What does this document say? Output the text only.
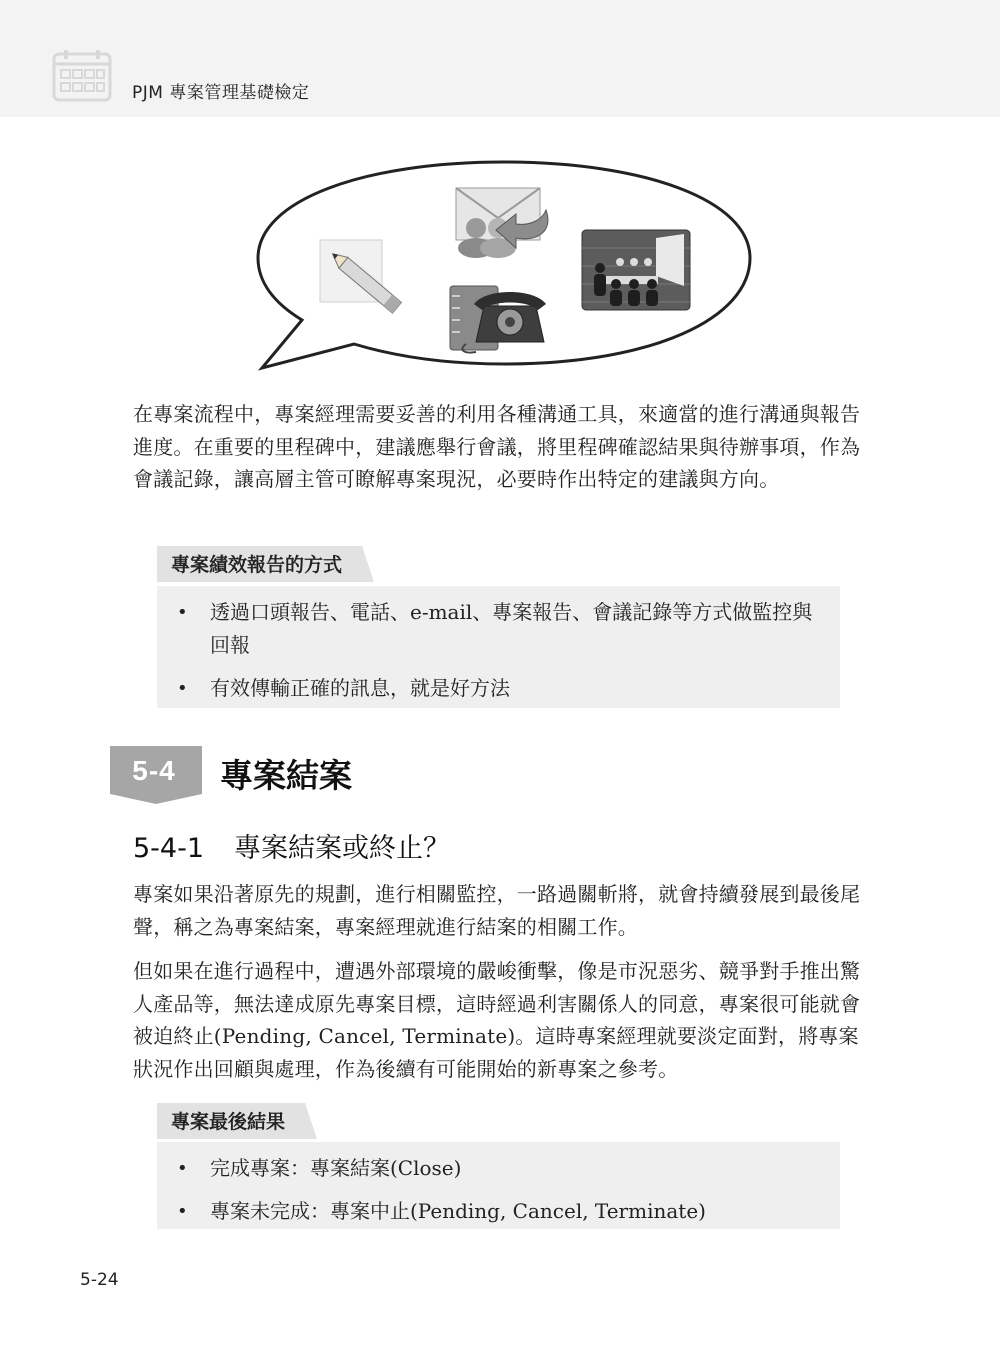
PJM 專案管理基礎檢定

在專案流程中，專案經理需要妥善的利用各種溝通工具，來適當的進行溝通與報告進度。在重要的里程碑中，建議應舉行會議，將里程碑確認結果與待辦事項，作為會議記錄，讓高層主管可瞭解專案現況，必要時作出特定的建議與方向。

專案績效報告的方式
• 透過口頭報告、電話、e-mail、專案報告、會議記錄等方式做監控與回報
• 有效傳輸正確的訊息，就是好方法
5-4	專案結案
5-4-1 專案結案或終止？

專案如果沿著原先的規劃，進行相關監控，一路過關斬將，就會持續發展到最後尾聲，稱之為專案結案，專案經理就進行結案的相關工作。

但如果在進行過程中，遭遇外部環境的嚴峻衝擊，像是市況惡劣、競爭對手推出驚人產品等，無法達成原先專案目標，這時經過利害關係人的同意，專案很可能就會被迫終止(Pending, Cancel, Terminate)。這時專案經理就要淡定面對，將專案狀況作出回顧與處理，作為後續有可能開始的新專案之參考。

專案最後結果
• 完成專案：專案結案(Close)
• 專案未完成：專案中止(Pending, Cancel, Terminate)
5-24
